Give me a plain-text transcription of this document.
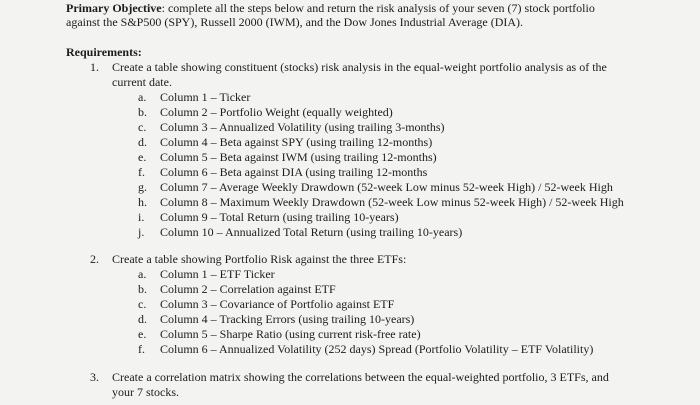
Primary Objective: complete all the steps below and return the risk analysis of your seven (7) stock portfolio
against the S&P500 (SPY), Russell 2000 (IWM), and the Dow Jones Industrial Average (DIA).
Requirements:
1. Create a table showing constituent (stocks) risk analysis in the equal-weight portfolio analysis as of the
current date.
a.	Column 1 – Ticker
b.	Column 2 – Portfolio Weight (equally weighted)
c.	Column 3 – Annualized Volatility (using trailing 3-months)
d.	Column 4 – Beta against SPY (using trailing 12-months)
e.	Column 5 – Beta against IWM (using trailing 12-months)
f.	Column 6 – Beta against DIA (using trailing 12-months
g.	Column 7 – Average Weekly Drawdown (52-week Low minus 52-week High) / 52-week High
h.	Column 8 – Maximum Weekly Drawdown (52-week Low minus 52-week High) / 52-week High
i.	Column 9 – Total Return (using trailing 10-years)
j.	Column 10 – Annualized Total Return (using trailing 10-years)
2. Create a table showing Portfolio Risk against the three ETFs:
a.	Column 1 – ETF Ticker
b.	Column 2 – Correlation against ETF
c.	Column 3 – Covariance of Portfolio against ETF
d.	Column 4 – Tracking Errors (using trailing 10-years)
e.	Column 5 – Sharpe Ratio (using current risk-free rate)
f.	Column 6 – Annualized Volatility (252 days) Spread (Portfolio Volatility – ETF Volatility)
3. Create a correlation matrix showing the correlations between the equal-weighted portfolio, 3 ETFs, and
your 7 stocks.
